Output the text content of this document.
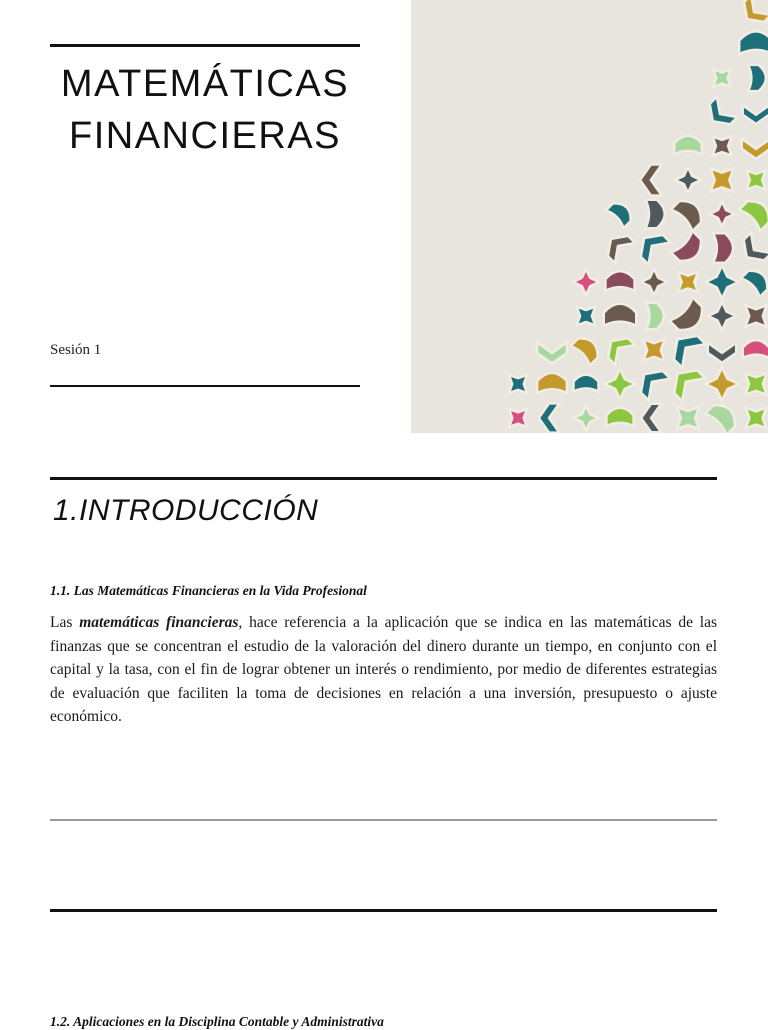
MATEMÁTICAS
FINANCIERAS
Sesión 1
1.INTRODUCCIÓN
1.1. Las Matemáticas Financieras en la Vida Profesional

Las matemáticas financieras, hace referencia a la aplicación que se indica en las matemáticas de las finanzas que se concentran el estudio de la valoración del dinero durante un tiempo, en conjunto con el capital y la tasa, con el fin de lograr obtener un interés o rendimiento, por medio de diferentes estrategias de evaluación que faciliten la toma de decisiones en relación a una inversión, presupuesto o ajuste económico.

1.2. Aplicaciones en la Disciplina Contable y Administrativa
